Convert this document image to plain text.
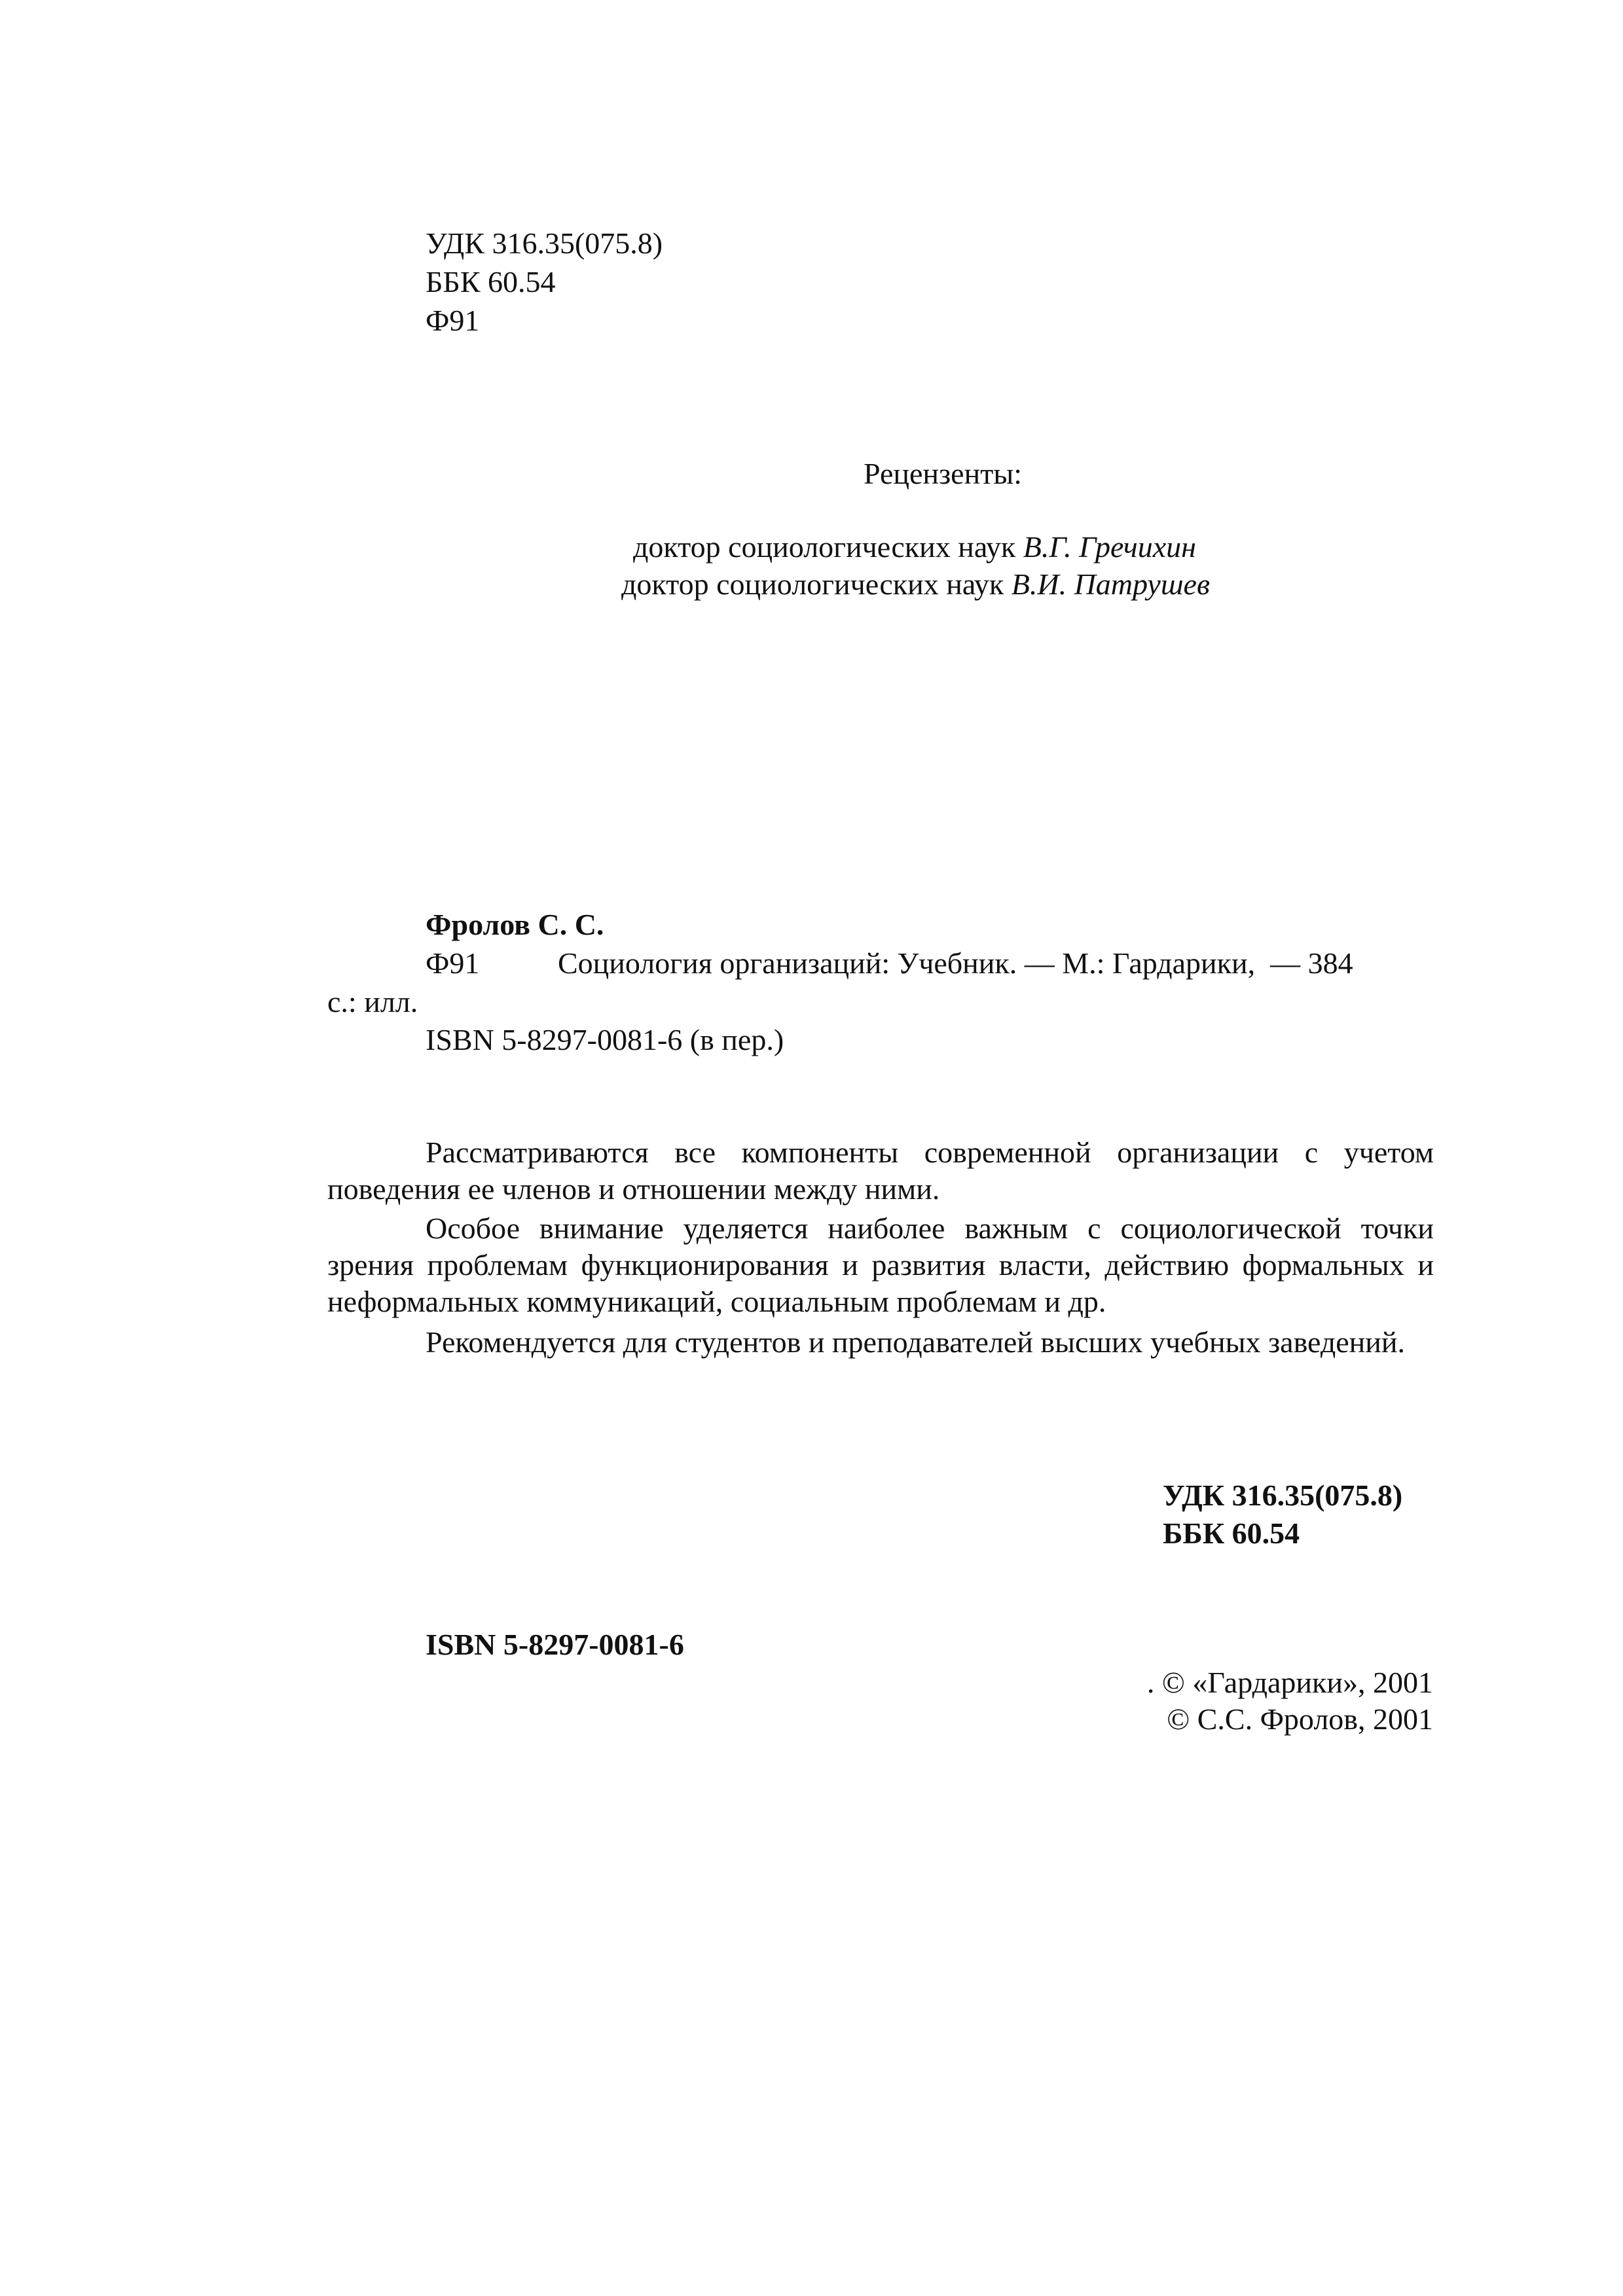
УДК 316.35(075.8)
ББК 60.54
Ф91
Рецензенты:

доктор социологических наук В.Г. Гречихин

доктор социологических наук В.И. Патрушев

Фролов С. С.
Ф91	Социология организаций: Учебник. — М.: Гардарики,  — 384
с.: илл.
ISBN 5-8297-0081-6 (в пер.)
Рассматриваются все компоненты современной организации с учетом поведения ее членов и отношении между ними.
Особое внимание уделяется наиболее важным с социологической точки зрения проблемам функционирования и развития власти, действию формальных и неформальных коммуникаций, социальным проблемам и др.
Рекомендуется для студентов и преподавателей высших учебных заведений.
УДК 316.35(075.8)
ББК 60.54
ISBN 5-8297-0081-6
. © «Гардарики», 2001
© С.С. Фролов, 2001
